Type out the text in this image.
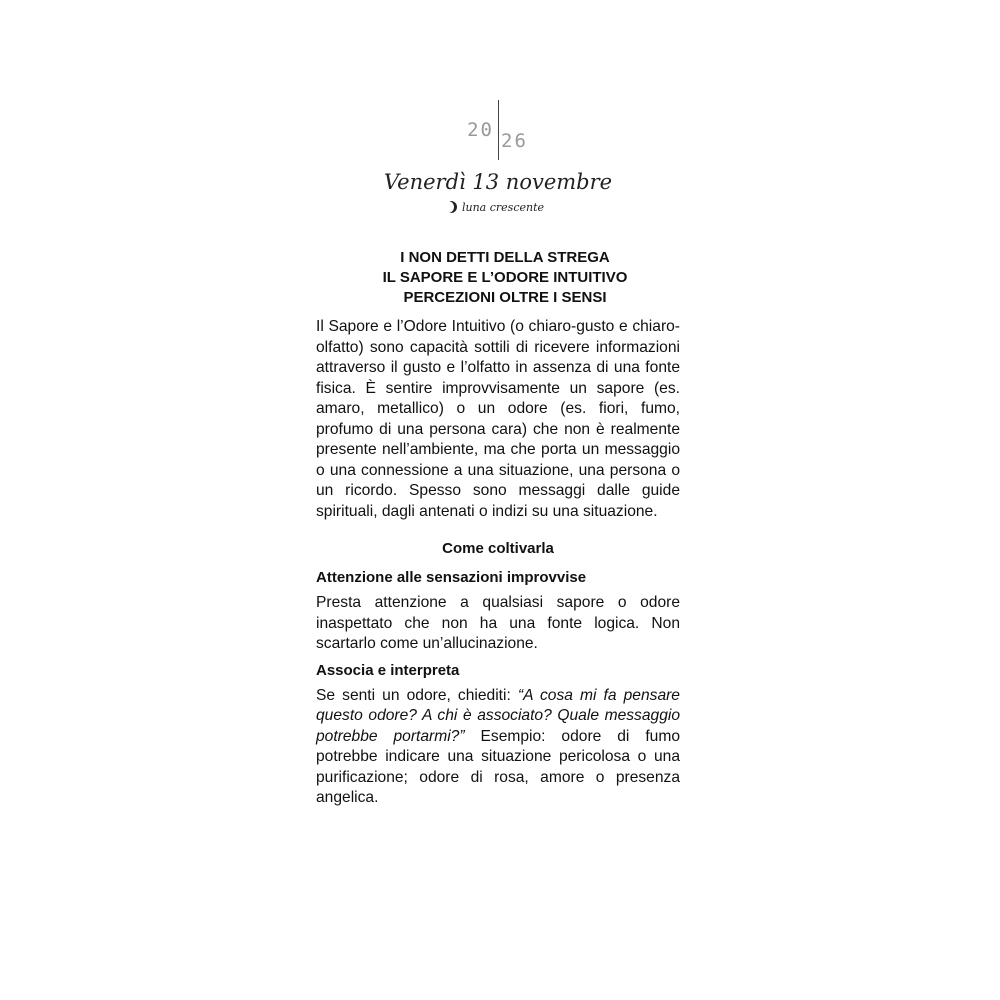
20 26
Venerdì 13 novembre
luna crescente
I NON DETTI DELLA STREGA
IL SAPORE E L’ODORE INTUITIVO
PERCEZIONI OLTRE I SENSI

Il Sapore e l’Odore Intuitivo (o chiaro-gusto e chiaro-olfatto) sono capacità sottili di ricevere informazioni attraverso il gusto e l’olfatto in assenza di una fonte fisica. È sentire improvvisamente un sapore (es. amaro, metallico) o un odore (es. fiori, fumo, profumo di una persona cara) che non è realmente presente nell’ambiente, ma che porta un messaggio o una connessione a una situazione, una persona o un ricordo. Spesso sono messaggi dalle guide spirituali, dagli antenati o indizi su una situazione.

Come coltivarla
Attenzione alle sensazioni improvvise

Presta attenzione a qualsiasi sapore o odore inaspettato che non ha una fonte logica. Non scartarlo come un’allucinazione.

Associa e interpreta

Se senti un odore, chiediti: “A cosa mi fa pensare questo odore? A chi è associato? Quale messaggio potrebbe portarmi?” Esempio: odore di fumo potrebbe indicare una situazione pericolosa o una purificazione; odore di rosa, amore o presenza angelica.
